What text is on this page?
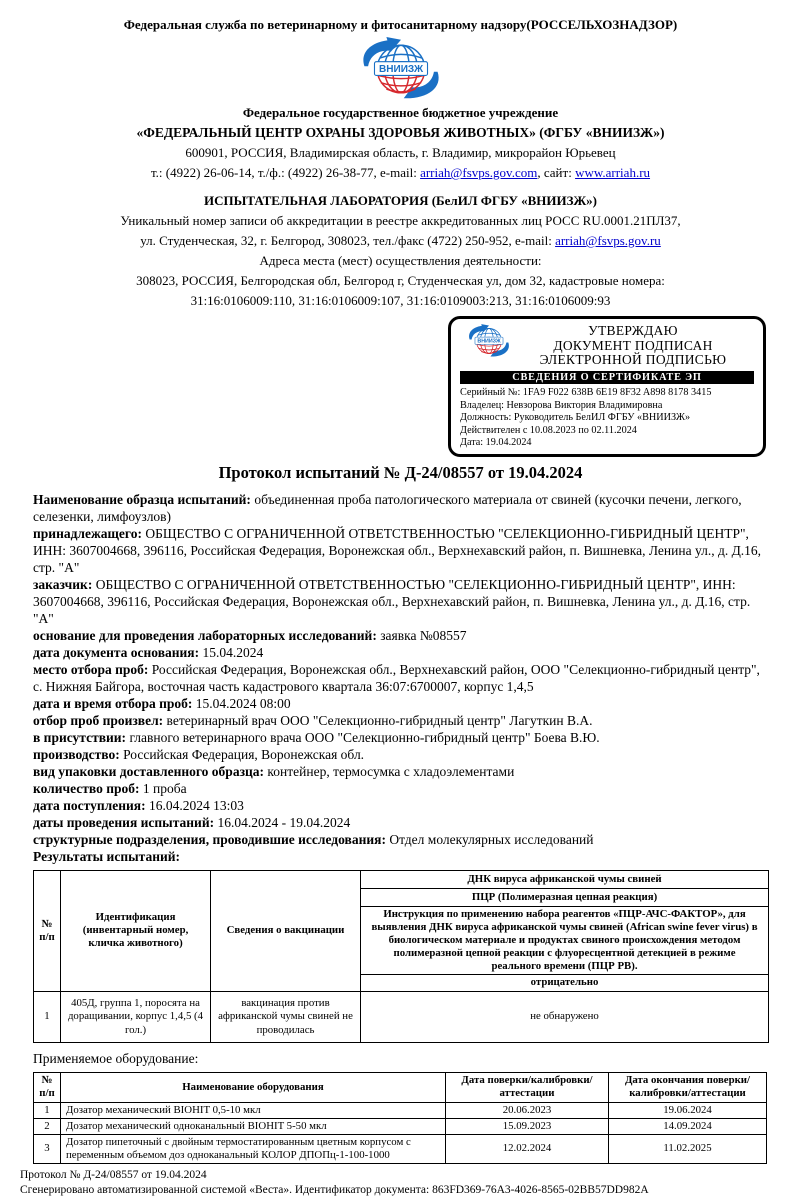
Федеральная служба по ветеринарному и фитосанитарному надзору(РОССЕЛЬХОЗНАДЗОР)
Федеральное государственное бюджетное учреждение
«ФЕДЕРАЛЬНЫЙ ЦЕНТР ОХРАНЫ ЗДОРОВЬЯ ЖИВОТНЫХ» (ФГБУ «ВНИИЗЖ»)
600901, РОССИЯ, Владимирская область, г. Владимир, микрорайон Юрьевец
т.: (4922) 26-06-14, т./ф.: (4922) 26-38-77, e-mail: arriah@fsvps.gov.com, сайт: www.arriah.ru
ИСПЫТАТЕЛЬНАЯ ЛАБОРАТОРИЯ (БелИЛ ФГБУ «ВНИИЗЖ»)
Уникальный номер записи об аккредитации в реестре аккредитованных лиц РОСС RU.0001.21ПЛ37,
ул. Студенческая, 32, г. Белгород, 308023, тел./факс (4722) 250-952, e-mail: arriah@fsvps.gov.ru
Адреса места (мест) осуществления деятельности:
308023, РОССИЯ, Белгородская обл, Белгород г, Студенческая ул, дом 32, кадастровые номера:
31:16:0106009:110, 31:16:0106009:107, 31:16:0109003:213, 31:16:0106009:93
УТВЕРЖДАЮ
ДОКУМЕНТ ПОДПИСАН
ЭЛЕКТРОННОЙ ПОДПИСЬЮ
СВЕДЕНИЯ О СЕРТИФИКАТЕ ЭП
Серийный №: 1FA9 F022 638B 6E19 8F32 A898 8178 3415
Владелец: Невзорова Виктория Владимировна
Должность: Руководитель БелИЛ ФГБУ «ВНИИЗЖ»
Действителен с 10.08.2023 по 02.11.2024
Дата: 19.04.2024
Протокол испытаний № Д-24/08557 от 19.04.2024

Наименование образца испытаний: объединенная проба патологического материала от свиней (кусочки печени, легкого, селезенки, лимфоузлов)

принадлежащего: ОБЩЕСТВО С ОГРАНИЧЕННОЙ ОТВЕТСТВЕННОСТЬЮ "СЕЛЕКЦИОННО-ГИБРИДНЫЙ ЦЕНТР", ИНН: 3607004668, 396116, Российская Федерация, Воронежская обл., Верхнехавский район, п. Вишневка, Ленина ул., д. Д.16, стр. "А"

заказчик: ОБЩЕСТВО С ОГРАНИЧЕННОЙ ОТВЕТСТВЕННОСТЬЮ "СЕЛЕКЦИОННО-ГИБРИДНЫЙ ЦЕНТР", ИНН: 3607004668, 396116, Российская Федерация, Воронежская обл., Верхнехавский район, п. Вишневка, Ленина ул., д. Д.16, стр. "А"

основание для проведения лабораторных исследований: заявка №08557

дата документа основания: 15.04.2024

место отбора проб: Российская Федерация, Воронежская обл., Верхнехавский район, ООО "Селекционно-гибридный центр", с. Нижняя Байгора, восточная часть кадастрового квартала 36:07:6700007, корпус 1,4,5

дата и время отбора проб: 15.04.2024 08:00

отбор проб произвел: ветеринарный врач ООО "Селекционно-гибридный центр" Лагуткин В.А.

в присутствии: главного ветеринарного врача ООО "Селекционно-гибридный центр" Боева В.Ю.

производство: Российская Федерация, Воронежская обл.

вид упаковки доставленного образца: контейнер, термосумка с хладоэлементами

количество проб: 1 проба

дата поступления: 16.04.2024 13:03

даты проведения испытаний: 16.04.2024 - 19.04.2024

структурные подразделения, проводившие исследования: Отдел молекулярных исследований

Результаты испытаний:

№ п/п	Идентификация (инвентарный номер, кличка животного)	Сведения о вакцинации	ДНК вируса африканской чумы свиней
			ПЦР (Полимеразная цепная реакция)
			Инструкция по применению набора реагентов «ПЦР-АЧС-ФАКТОР», для выявления ДНК вируса африканской чумы свиней (African swine fever virus) в биологическом материале и продуктах свиного происхождения методом полимеразной цепной реакции с флуоресцентной детекцией в режиме реального времени (ПЦР РВ).
			отрицательно
1	405Д, группа 1, поросята на доращивании, корпус 1,4,5 (4 гол.)	вакцинация против африканской чумы свиней не проводилась	не обнаружено
Применяемое оборудование:
№ п/п	Наименование оборудования	Дата поверки/калибровки/аттестации	Дата окончания поверки/калибровки/аттестации
1	Дозатор механический BIOHIT 0,5-10 мкл	20.06.2023	19.06.2024
2	Дозатор механический одноканальный BIOHIT 5-50 мкл	15.09.2023	14.09.2024
3	Дозатор пипеточный с двойным термостатированным цветным корпусом с переменным объемом доз одноканальный КОЛОР ДПОПц-1-100-1000	12.02.2024	11.02.2025
Протокол № Д-24/08557 от 19.04.2024
Сгенерировано автоматизированной системой «Веста». Идентификатор документа: 863FD369-76A3-4026-8565-02BB57DD982A
